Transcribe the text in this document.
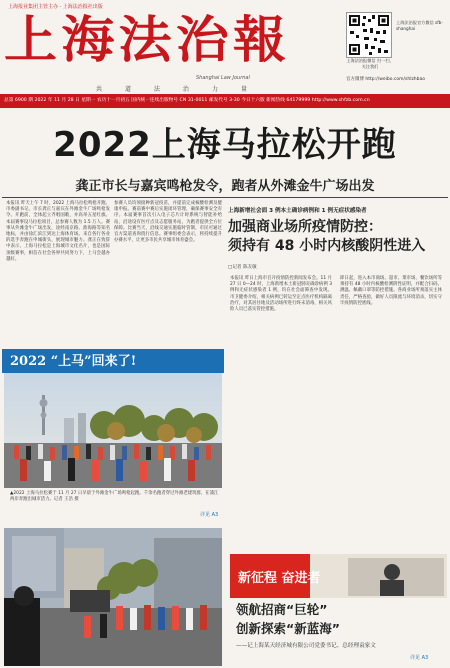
上海报业集团主管主办 · 上海法治报社出版
上海法治報
Shanghai Law Journal
共道法治力量
上海法治报微信 扫一扫，关注我们
上海法治报官方微信 sfb-shanghai
官方微博 http://weibo.com/shlzhbao
总第 6900 期 2022 年 11 月 28 日 星期一 农历十一月初五 国内统一连续出版物号 CN 31-0011 邮发代号 3-30 今日十六版 新闻热线 64179999 http://www.shfzb.com.cn
2022上海马拉松开跑
龚正市长与嘉宾鸣枪发令，跑者从外滩金牛广场出发
本报讯 昨天上午 7 时，2022 上海马拉松鸣枪开跑。市委副书记、市长龚正与嘉宾在外滩金牛广场鸣枪发令。开跑前，全体起立齐唱国歌，并高举五星红旗。本届赛事设马拉松项目，总参赛人数为 1.5 万人。赛事从外滩金牛广场出发，途经南京路、淮海路等知名地标，并由徐汇滨江到达上海体育场。来自各行各业的选手奔跑在申城街头，展现城市魅力。龚正在致辞中表示，上海马拉松是上海城市文化名片，也是国际顶级赛事，相信在社会各界共同努力下，上马会越办越好。
参赛人员均须接种新冠疫苗，并提前完成核酸检测及健康申报。赛前赛中赛后实施闭环管理，确保赛事安全有序。本届赛事首次引入电子芯片计时系统与智能补给站，沿途设有医疗点及志愿服务站，为跑者提供全方位保障。比赛当天，沿线交通实施临时管制，市民可通过官方渠道查询绕行信息。赛事组委会表示，将持续提升办赛水平，让更多市民共享城市体育盛会。
上海新增社会面 3 例本土确诊病例和 1 例无症状感染者
加强商业场所疫情防控：
须持有 48 小时内核酸阴性进入
□记者 陈友敏
本报讯 昨日上海市召开疫情防控新闻发布会。11 月 27 日 0—24 时，上海新增本土新冠肺炎确诊病例 3 例和无症状感染者 1 例，均在社会面筛查中发现。市卫健委介绍，相关病例已转运至定点医疗机构隔离治疗，对其居住地及活动场所进行终末消毒，相关风险人员已落实管控措施。
即日起，进入本市商场、超市、菜市场、餐饮场所等须持有 48 小时内核酸检测阴性证明，并配合扫码、测温、佩戴口罩等防控措施。各商业场所须落实主体责任，严格查验，做好人员限流与环境消杀，切实守牢疫情防控底线。
2022 “上马”回来了!
▲2022 上海马拉松赛于 11 月 27 日早晨于外滩金牛广场鸣枪起跑。千余名跑者穿过外滩老建筑群，在浦江两岸奔跑出城市活力。记者 王浩 摄
详见 A3
新征程 奋进者
领航招商“巨轮”
创新探索“新蓝海”
——记上海某天经济城有限公司党委书记、总经理袁家文
详见 A3
